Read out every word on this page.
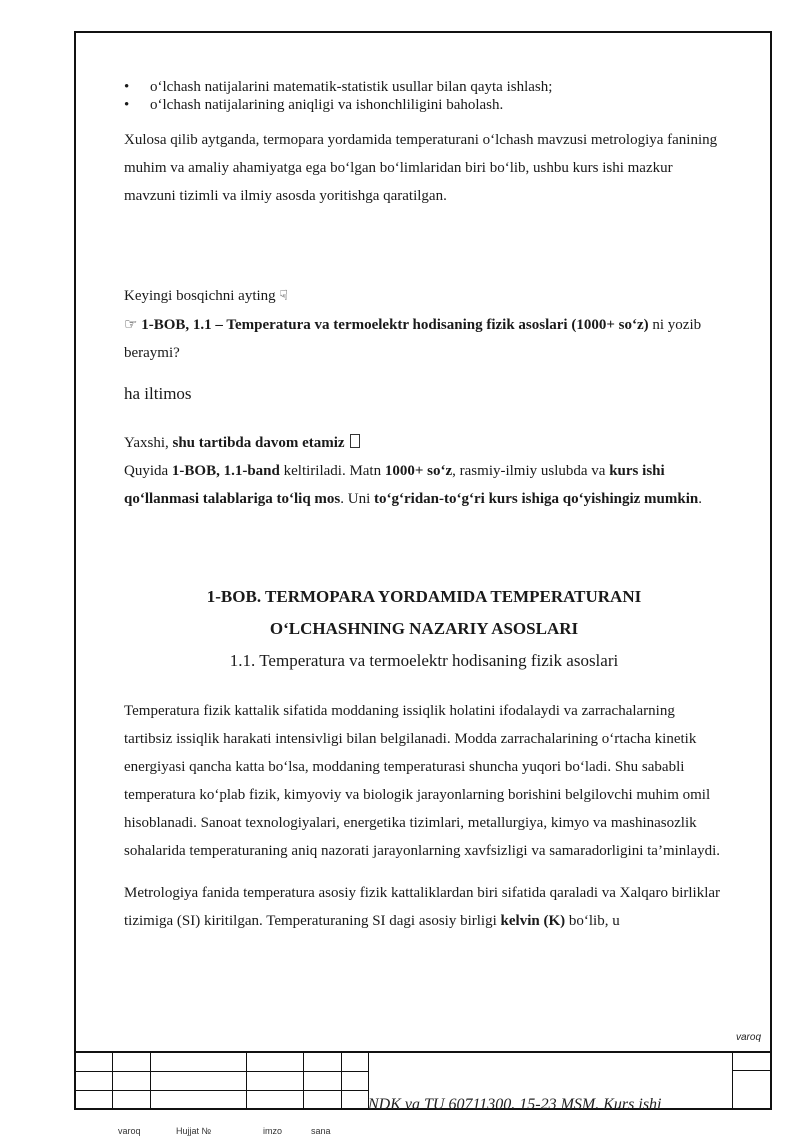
• o‘lchash natijalarini matematik-statistik usullar bilan qayta ishlash;
• o‘lchash natijalarining aniqligi va ishonchliligini baholash.

Xulosa qilib aytganda, termopara yordamida temperaturani o‘lchash mavzusi metrologiya fanining muhim va amaliy ahamiyatga ega bo‘lgan bo‘limlaridan biri bo‘lib, ushbu kurs ishi mazkur mavzuni tizimli va ilmiy asosda yoritishga qaratilgan.

Keyingi bosqichni ayting ☟

☞ 1-BOB, 1.1 – Temperatura va termoelektr hodisaning fizik asoslari (1000+ so‘z) ni yozib beraymi?

ha iltimos

Yaxshi, shu tartibda davom etamiz

Quyida 1-BOB, 1.1-band keltiriladi. Matn 1000+ so‘z, rasmiy-ilmiy uslubda va kurs ishi qo‘llanmasi talablariga to‘liq mos. Uni to‘g‘ridan-to‘g‘ri kurs ishiga qo‘yishingiz mumkin.

1-BOB. TERMOPARA YORDAMIDA TEMPERATURANI
O‘LCHASHNING NAZARIY ASOSLARI
1.1. Temperatura va termoelektr hodisaning fizik asoslari

Temperatura fizik kattalik sifatida moddaning issiqlik holatini ifodalaydi va zarrachalarning tartibsiz issiqlik harakati intensivligi bilan belgilanadi. Modda zarrachalarining o‘rtacha kinetik energiyasi qancha katta bo‘lsa, moddaning temperaturasi shuncha yuqori bo‘ladi. Shu sababli temperatura ko‘plab fizik, kimyoviy va biologik jarayonlarning borishini belgilovchi muhim omil hisoblanadi. Sanoat texnologiyalari, energetika tizimlari, metallurgiya, kimyo va mashinasozlik sohalarida temperaturaning aniq nazorati jarayonlarning xavfsizligi va samaradorligini ta’minlaydi.

Metrologiya fanida temperatura asosiy fizik kattaliklardan biri sifatida qaraladi va Xalqaro birliklar tizimiga (SI) kiritilgan. Temperaturaning SI dagi asosiy birligi kelvin (K) bo‘lib, u

varoq
NDK va TU 60711300. 15-23 MSM. Kurs ishi
varoq	Hujjat №	imzo	sana
